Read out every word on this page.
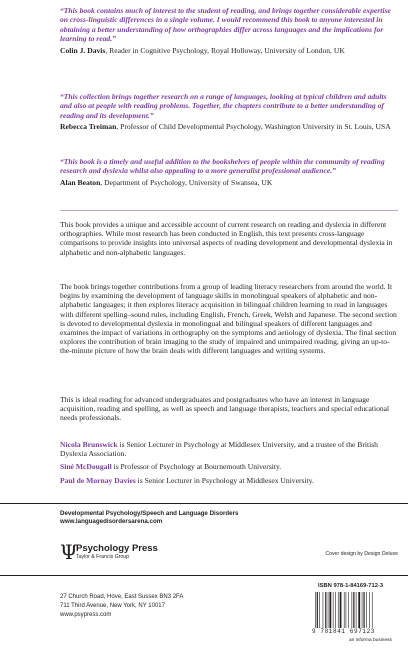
“This book contains much of interest to the student of reading, and brings together considerable expertise on cross-linguistic differences in a single volume. I would recommend this book to anyone interested in obtaining a better understanding of how orthographies differ across languages and the implications for learning to read.”

Colin J. Davis, Reader in Cognitive Psychology, Royal Holloway, University of London, UK

“This collection brings together research on a range of languages, looking at typical children and adults and also at people with reading problems. Together, the chapters contribute to a better understanding of reading and its development.”

Rebecca Treiman, Professor of Child Developmental Psychology, Washington University in St. Louis, USA

“This book is a timely and useful addition to the bookshelves of people within the community of reading research and dyslexia whilst also appealing to a more generalist professional audience.”

Alan Beaton, Department of Psychology, University of Swansea, UK

This book provides a unique and accessible account of current research on reading and dyslexia in different orthographies. While most research has been conducted in English, this text presents cross-language comparisons to provide insights into universal aspects of reading development and developmental dyslexia in alphabetic and non-alphabetic languages.

The book brings together contributions from a group of leading literacy researchers from around the world. It begins by examining the development of language skills in monolingual speakers of alphabetic and non-alphabetic languages; it then explores literacy acquisition in bilingual children learning to read in languages with different spelling–sound rules, including English, French, Greek, Welsh and Japanese. The second section is devoted to developmental dyslexia in monolingual and bilingual speakers of different languages and examines the impact of variations in orthography on the symptoms and aetiology of dyslexia. The final section explores the contribution of brain imaging to the study of impaired and unimpaired reading, giving an up-to-the-minute picture of how the brain deals with different languages and writing systems.

This is ideal reading for advanced undergraduates and postgraduates who have an interest in language acquisition, reading and spelling, as well as speech and language therapists, teachers and special educational needs professionals.

Nicola Brunswick is Senior Lecturer in Psychology at Middlesex University, and a trustee of the British Dyslexia Association.

Siné McDougall is Professor of Psychology at Bournemouth University.

Paul de Mornay Davies is Senior Lecturer in Psychology at Middlesex University.

Developmental Psychology/Speech and Language Disorders
www.languagedisordersarena.com
Ψ
Psychology Press
Taylor & Francis Group	Cover design by Design Deluxe
27 Church Road, Hove, East Sussex BN3 2FA
711 Third Avenue, New York, NY 10017
www.psypress.com
ISBN 978-1-84169-712-3
9 781841 697123
an informa business
